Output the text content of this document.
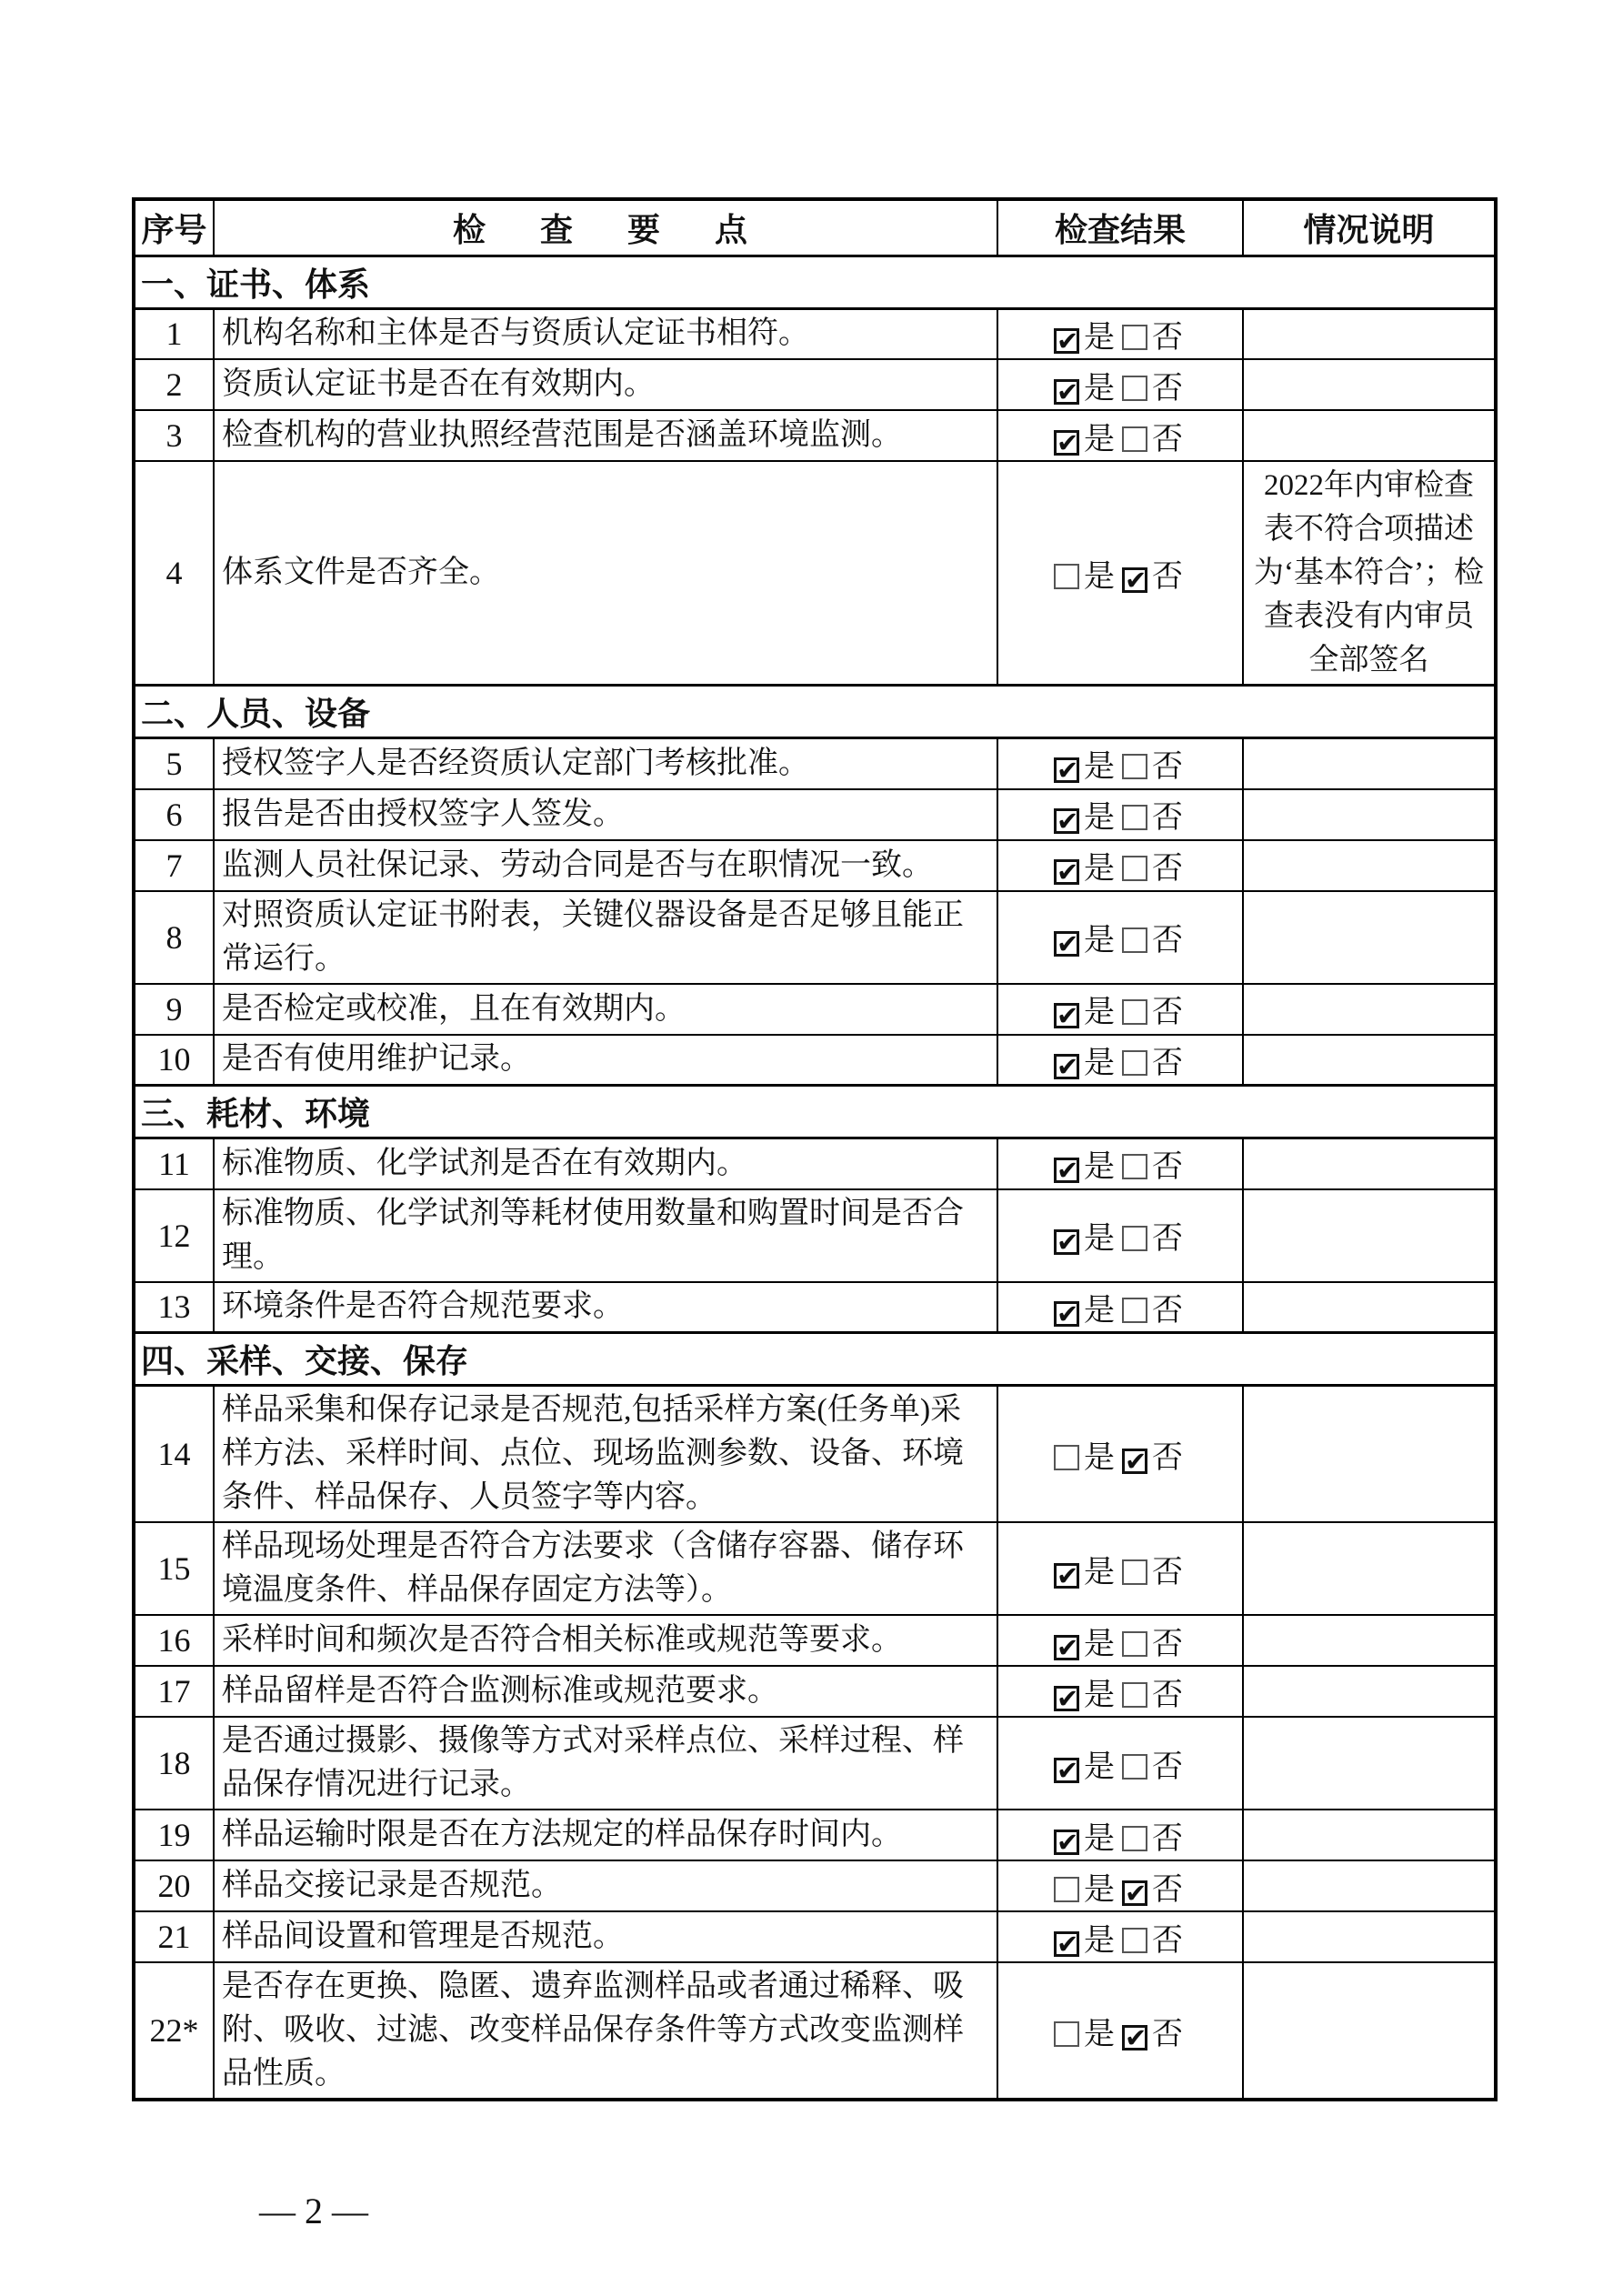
序号	检　查　要　点	检查结果	情况说明
一、证书、体系			
1	机构名称和主体是否与资质认定证书相符。	✔ 是 否	
2	资质认定证书是否在有效期内。	✔ 是 否	
3	检查机构的营业执照经营范围是否涵盖环境监测。	✔ 是 否	
4	体系文件是否齐全。	是 ✔ 否	2022年内审检查表不符合项描述为‘基本符合’；检查表没有内审员全部签名
二、人员、设备			
5	授权签字人是否经资质认定部门考核批准。	✔ 是 否	
6	报告是否由授权签字人签发。	✔ 是 否	
7	监测人员社保记录、劳动合同是否与在职情况一致。	✔ 是 否	
8	对照资质认定证书附表，关键仪器设备是否足够且能正常运行。	✔ 是 否	
9	是否检定或校准，且在有效期内。	✔ 是 否	
10	是否有使用维护记录。	✔ 是 否	
三、耗材、环境			
11	标准物质、化学试剂是否在有效期内。	✔ 是 否	
12	标准物质、化学试剂等耗材使用数量和购置时间是否合理。	✔ 是 否	
13	环境条件是否符合规范要求。	✔ 是 否	
四、采样、交接、保存			
14	样品采集和保存记录是否规范,包括采样方案(任务单)采样方法、采样时间、点位、现场监测参数、设备、环境条件、样品保存、人员签字等内容。	是 ✔ 否	
15	样品现场处理是否符合方法要求（含储存容器、储存环境温度条件、样品保存固定方法等）。	✔ 是 否	
16	采样时间和频次是否符合相关标准或规范等要求。	✔ 是 否	
17	样品留样是否符合监测标准或规范要求。	✔ 是 否	
18	是否通过摄影、摄像等方式对采样点位、采样过程、样品保存情况进行记录。	✔ 是 否	
19	样品运输时限是否在方法规定的样品保存时间内。	✔ 是 否	
20	样品交接记录是否规范。	是 ✔ 否	
21	样品间设置和管理是否规范。	✔ 是 否	
22*	是否存在更换、隐匿、遗弃监测样品或者通过稀释、吸附、吸收、过滤、改变样品保存条件等方式改变监测样品性质。	是 ✔ 否	
— 2 —
